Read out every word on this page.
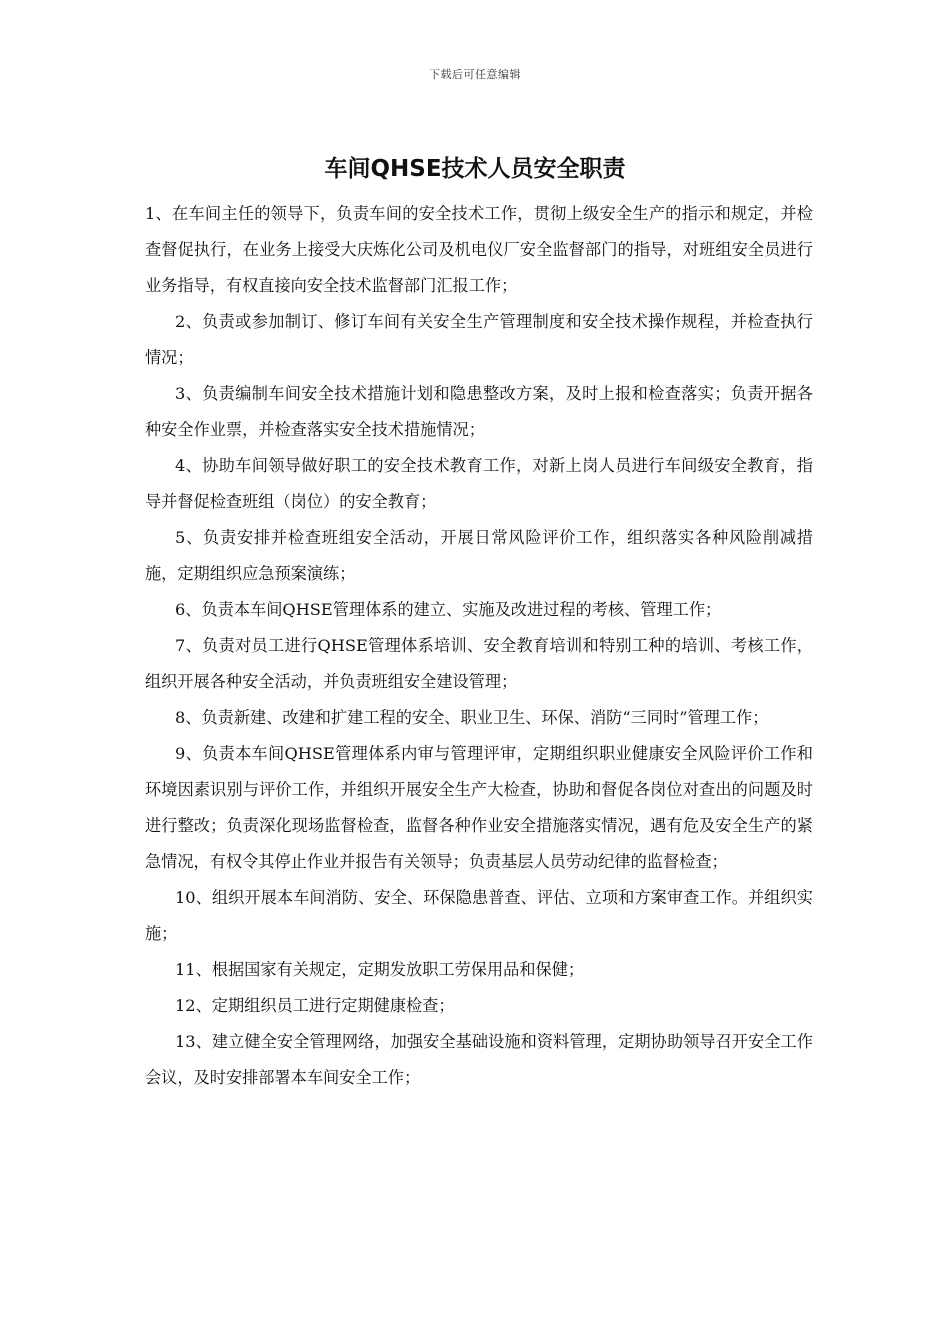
下载后可任意编辑
车间QHSE技术人员安全职责

1、在车间主任的领导下，负责车间的安全技术工作，贯彻上级安全生产的指示和规定，并检查督促执行，在业务上接受大庆炼化公司及机电仪厂安全监督部门的指导，对班组安全员进行业务指导，有权直接向安全技术监督部门汇报工作；

2、负责或参加制订、修订车间有关安全生产管理制度和安全技术操作规程，并检查执行情况；

3、负责编制车间安全技术措施计划和隐患整改方案，及时上报和检查落实；负责开据各种安全作业票，并检查落实安全技术措施情况；

4、协助车间领导做好职工的安全技术教育工作，对新上岗人员进行车间级安全教育，指导并督促检查班组（岗位）的安全教育；

5、负责安排并检查班组安全活动，开展日常风险评价工作，组织落实各种风险削减措施，定期组织应急预案演练；

6、负责本车间QHSE管理体系的建立、实施及改进过程的考核、管理工作；

7、负责对员工进行QHSE管理体系培训、安全教育培训和特别工种的培训、考核工作，组织开展各种安全活动，并负责班组安全建设管理；

8、负责新建、改建和扩建工程的安全、职业卫生、环保、消防“三同时”管理工作；

9、负责本车间QHSE管理体系内审与管理评审，定期组织职业健康安全风险评价工作和环境因素识别与评价工作，并组织开展安全生产大检查，协助和督促各岗位对查出的问题及时进行整改；负责深化现场监督检查，监督各种作业安全措施落实情况，遇有危及安全生产的紧急情况，有权令其停止作业并报告有关领导；负责基层人员劳动纪律的监督检查；

10、组织开展本车间消防、安全、环保隐患普查、评估、立项和方案审查工作。并组织实施；

11、根据国家有关规定，定期发放职工劳保用品和保健；

12、定期组织员工进行定期健康检查；

13、建立健全安全管理网络，加强安全基础设施和资料管理，定期协助领导召开安全工作会议，及时安排部署本车间安全工作；
